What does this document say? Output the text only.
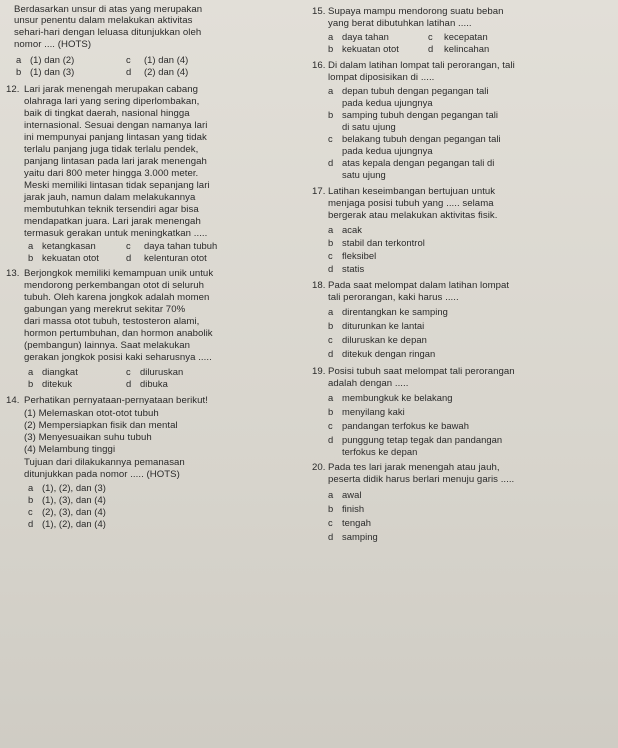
Berdasarkan unsur di atas yang merupakan
unsur penentu dalam melakukan aktivitas
sehari-hari dengan leluasa ditunjukkan oleh
nomor .... (HOTS)
a (1) dan (2)	c (1) dan (4)
b (1) dan (3)	d (2) dan (4)
12. Lari jarak menengah merupakan cabang
olahraga lari yang sering diperlombakan,
baik di tingkat daerah, nasional hingga
internasional. Sesuai dengan namanya lari
ini mempunyai panjang lintasan yang tidak
terlalu panjang juga tidak terlalu pendek,
panjang lintasan pada lari jarak menengah
yaitu dari 800 meter hingga 3.000 meter.
Meski memiliki lintasan tidak sepanjang lari
jarak jauh, namun dalam melakukannya
membutuhkan teknik tersendiri agar bisa
mendapatkan juara. Lari jarak menengah
termasuk gerakan untuk meningkatkan .....
a ketangkasan	c daya tahan tubuh
b kekuatan otot	d kelenturan otot
13. Berjongkok memiliki kemampuan unik untuk
mendorong perkembangan otot di seluruh
tubuh. Oleh karena jongkok adalah momen
gabungan yang merekrut sekitar 70%
dari massa otot tubuh, testosteron alami,
hormon pertumbuhan, dan hormon anabolik
(pembangun) lainnya. Saat melakukan
gerakan jongkok posisi kaki seharusnya .....
a diangkat	c diluruskan
b ditekuk	d dibuka
14. Perhatikan pernyataan-pernyataan berikut!
(1) Melemaskan otot-otot tubuh
(2) Mempersiapkan fisik dan mental
(3) Menyesuaikan suhu tubuh
(4) Melambung tinggi
Tujuan dari dilakukannya pemanasan
ditunjukkan pada nomor ..... (HOTS)
a (1), (2), dan (3)
b (1), (3), dan (4)
c (2), (3), dan (4)
d (1), (2), dan (4)
15. Supaya mampu mendorong suatu beban
yang berat dibutuhkan latihan .....
a daya tahan	c kecepatan
b kekuatan otot	d kelincahan
16. Di dalam latihan lompat tali perorangan, tali
lompat diposisikan di .....
a depan tubuh dengan pegangan tali
pada kedua ujungnya
b samping tubuh dengan pegangan tali
di satu ujung
c belakang tubuh dengan pegangan tali
pada kedua ujungnya
d atas kepala dengan pegangan tali di
satu ujung
17. Latihan keseimbangan bertujuan untuk
menjaga posisi tubuh yang ..... selama
bergerak atau melakukan aktivitas fisik.
a acak
b stabil dan terkontrol
c fleksibel
d statis
18. Pada saat melompat dalam latihan lompat
tali perorangan, kaki harus .....
a direntangkan ke samping
b diturunkan ke lantai
c diluruskan ke depan
d ditekuk dengan ringan
19. Posisi tubuh saat melompat tali perorangan
adalah dengan .....
a membungkuk ke belakang
b menyilang kaki
c pandangan terfokus ke bawah
d punggung tetap tegak dan pandangan
terfokus ke depan
20. Pada tes lari jarak menengah atau jauh,
peserta didik harus berlari menuju garis .....
a awal
b finish
c tengah
d samping
